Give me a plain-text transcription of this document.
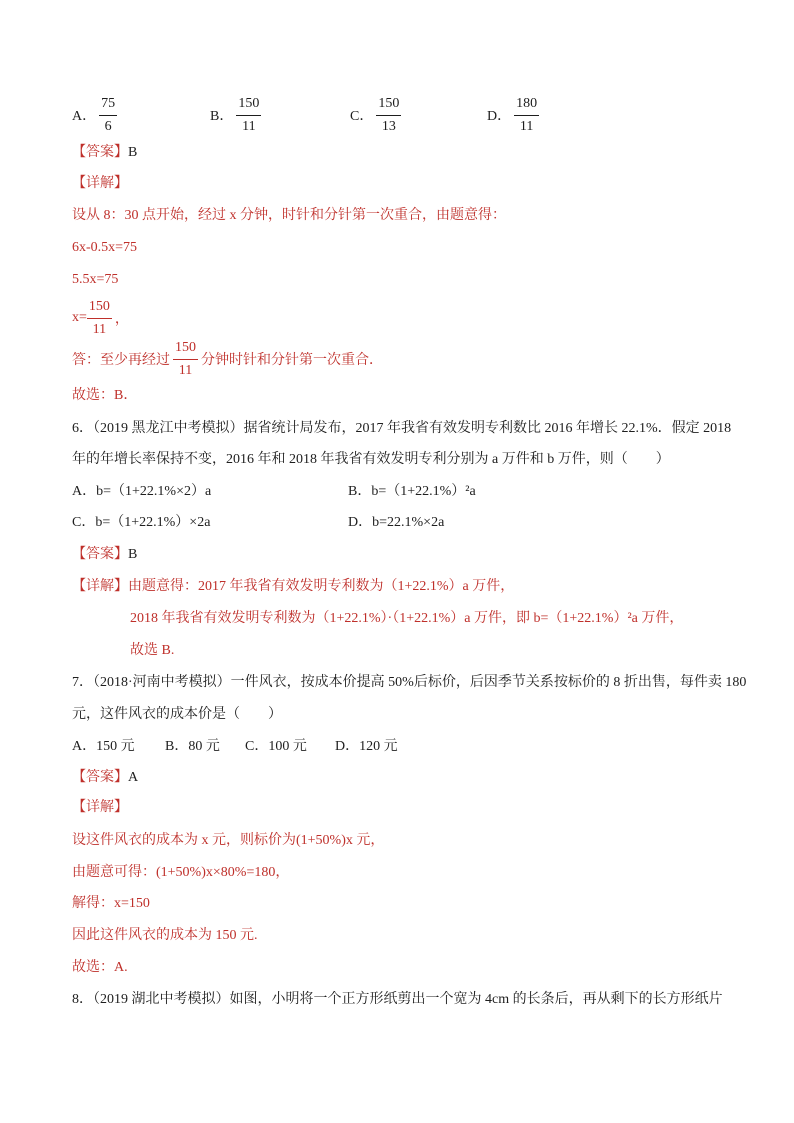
A． $\frac{75}{6}$	B． $\frac{150}{11}$	C． $\frac{150}{13}$	D． $\frac{180}{11}$
【答案】B
【详解】
设从 8：30 点开始，经过 x 分钟，时针和分针第一次重合，由题意得：
6x-0.5x=75
5.5x=75
$x= \frac{150}{11}$ ，
答：至少再经过 $\frac{150}{11}$ 分钟时针和分针第一次重合．
故选：B．
6．（2019 黑龙江中考模拟）据省统计局发布，2017 年我省有效发明专利数比 2016 年增长 22.1%．假定 2018
年的年增长率保持不变，2016 年和 2018 年我省有效发明专利分别为 a 万件和 b 万件，则（　　）
A．b=（1+22.1%×2）a	B．b=（1+22.1%）²a
C．b=（1+22.1%）×2a	D．b=22.1%×2a
【答案】B
【详解】由题意得：2017 年我省有效发明专利数为（1+22.1%）a 万件，
2018 年我省有效发明专利数为（1+22.1%）·（1+22.1%）a 万件，即 b=（1+22.1%）²a 万件，
故选 B.
7．（2018·河南中考模拟）一件风衣，按成本价提高 50%后标价，后因季节关系按标价的 8 折出售，每件卖 180
元，这件风衣的成本价是（　　）
A．150 元 B．80 元 C．100 元 D．120 元
【答案】A
【详解】
设这件风衣的成本为 x 元，则标价为(1+50%)x 元，
由题意可得：(1+50%)x×80%=180，
解得：x=150
因此这件风衣的成本为 150 元.
故选：A.
8．（2019 湖北中考模拟）如图，小明将一个正方形纸剪出一个宽为 4cm 的长条后，再从剩下的长方形纸片
